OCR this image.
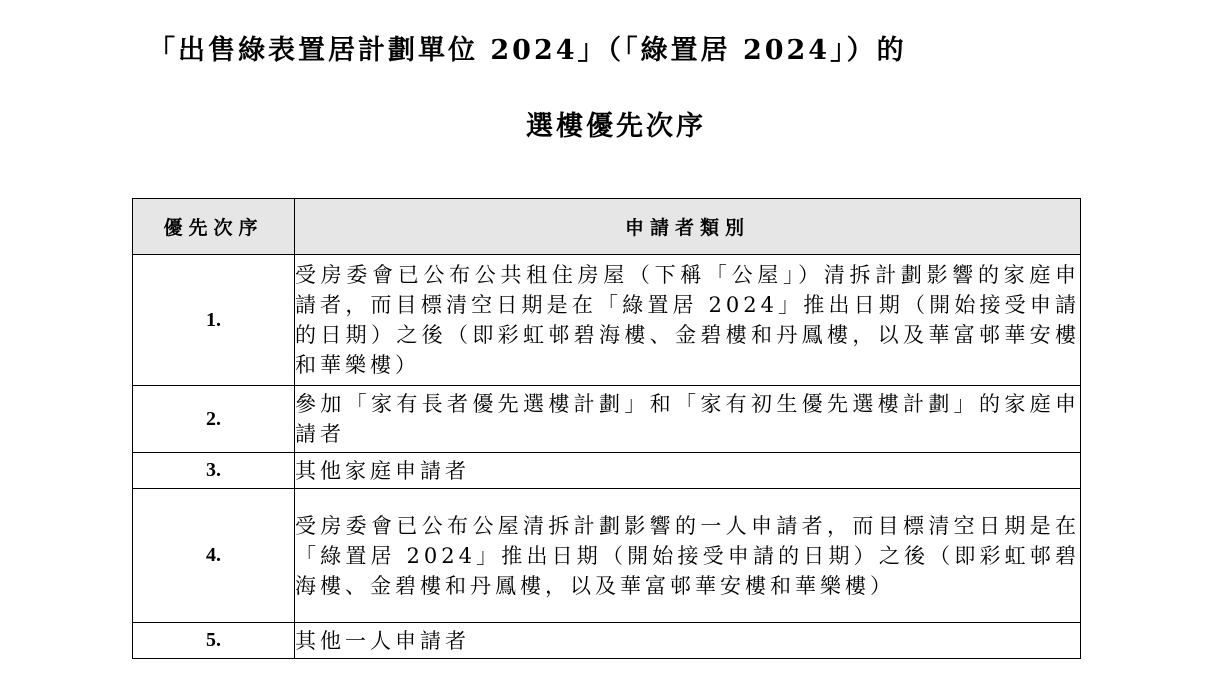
「出售綠表置居計劃單位 2024」（「綠置居 2024」）的
選樓優先次序
優先次序	申請者類別
1.	受房委會已公布公共租住房屋（下稱「公屋」）清拆計劃影響的家庭申請者，而目標清空日期是在「綠置居 2024」推出日期（開始接受申請的日期）之後（即彩虹邨碧海樓、金碧樓和丹鳳樓，以及華富邨華安樓和華樂樓）
2.	參加「家有長者優先選樓計劃」和「家有初生優先選樓計劃」的家庭申請者
3.	其他家庭申請者
4.	受房委會已公布公屋清拆計劃影響的一人申請者，而目標清空日期是在「綠置居 2024」推出日期（開始接受申請的日期）之後（即彩虹邨碧海樓、金碧樓和丹鳳樓，以及華富邨華安樓和華樂樓）
5.	其他一人申請者
